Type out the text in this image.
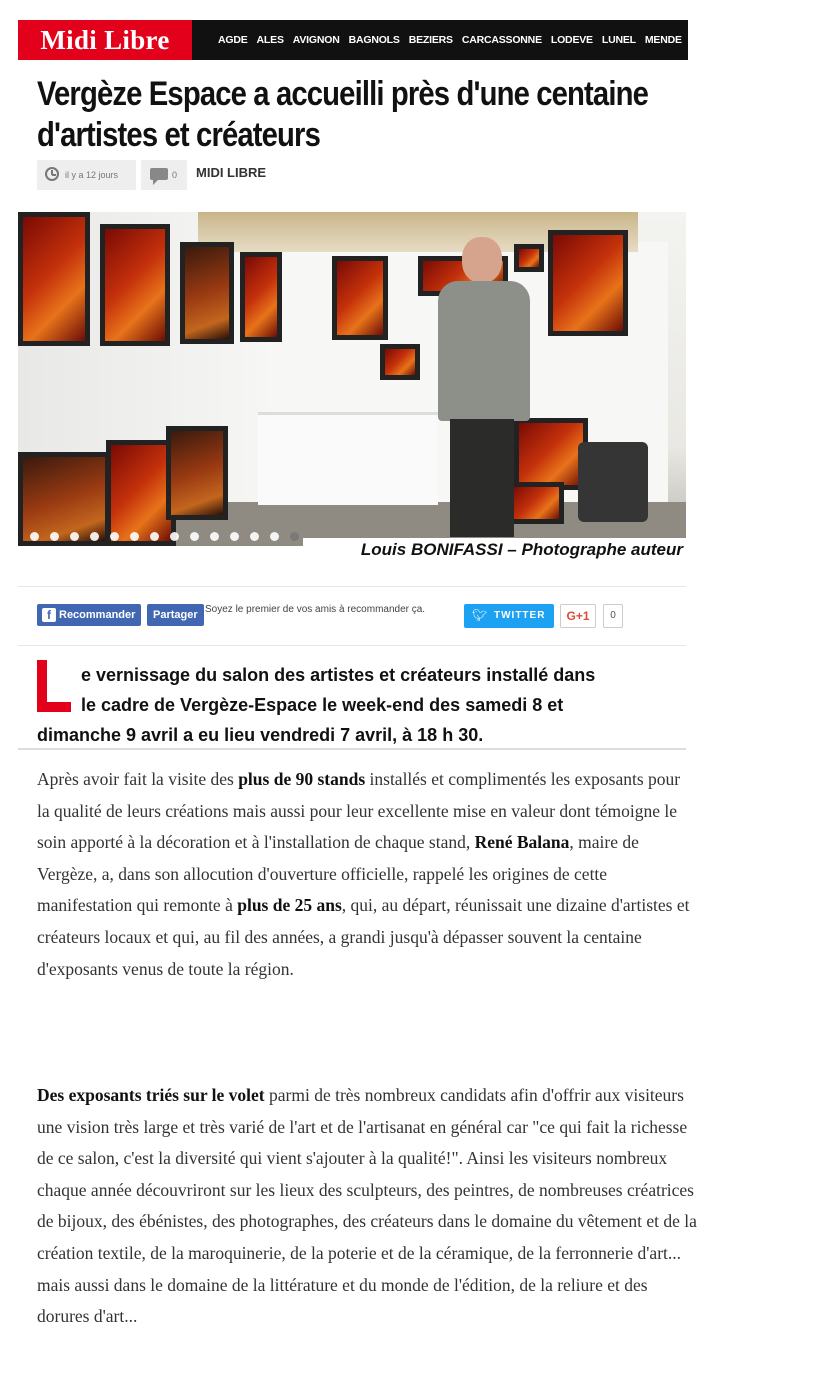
Midi Libre	AGDE ALES AVIGNON BAGNOLS BEZIERS CARCASSONNE LODEVE LUNEL MENDE MILLAU MONTPELLIER
Vergèze Espace a accueilli près d'une centaine d'artistes et créateurs
il y a 12 jours	0 MIDI LIBRE
Louis BONIFASSI – Photographe auteur
f Recommander	Partager Soyez le premier de vos amis à recommander ça.	🐦︎ TWITTER	G+1	0
e vernissage du salon des artistes et créateurs installé dans
le cadre de Vergèze-Espace le week-end des samedi 8 et
dimanche 9 avril a eu lieu vendredi 7 avril, à 18 h 30.
Après avoir fait la visite des plus de 90 stands installés et complimentés les exposants pour la qualité de leurs créations mais aussi pour leur excellente mise en valeur dont témoigne le soin apporté à la décoration et à l'installation de chaque stand, René Balana, maire de Vergèze, a, dans son allocution d'ouverture officielle, rappelé les origines de cette manifestation qui remonte à plus de 25 ans, qui, au départ, réunissait une dizaine d'artistes et créateurs locaux et qui, au fil des années, a grandi jusqu'à dépasser souvent la centaine d'exposants venus de toute la région.
Des exposants triés sur le volet parmi de très nombreux candidats afin d'offrir aux visiteurs une vision très large et très varié de l'art et de l'artisanat en général car "ce qui fait la richesse de ce salon, c'est la diversité qui vient s'ajouter à la qualité!". Ainsi les visiteurs nombreux chaque année découvriront sur les lieux des sculpteurs, des peintres, de nombreuses créatrices de bijoux, des ébénistes, des photographes, des créateurs dans le domaine du vêtement et de la création textile, de la maroquinerie, de la poterie et de la céramique, de la ferronnerie d'art... mais aussi dans le domaine de la littérature et du monde de l'édition, de la reliure et des dorures d'art...
